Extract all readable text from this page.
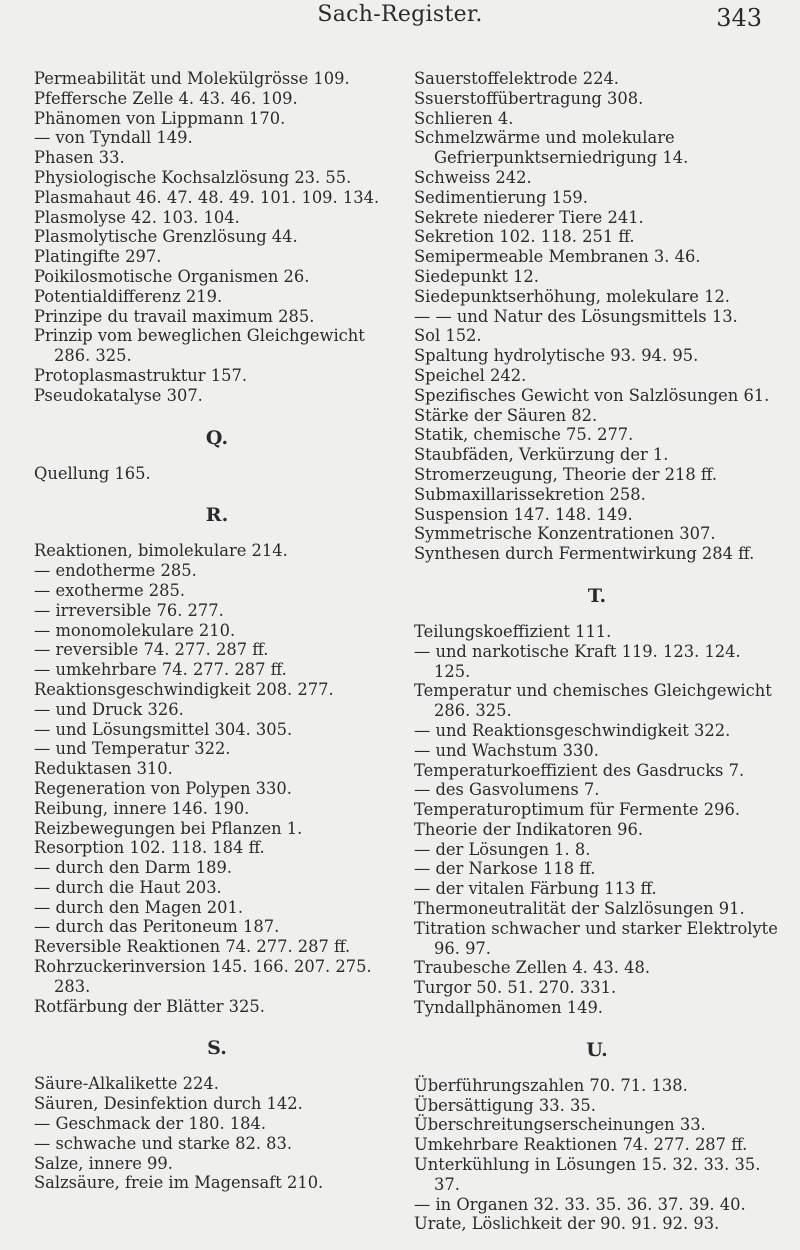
Sach-Register.	343
Permeabilität und Molekülgrösse 109.
Pfeffersche Zelle 4. 43. 46. 109.
Phänomen von Lippmann 170.
— von Tyndall 149.
Phasen 33.
Physiologische Kochsalzlösung 23. 55.
Plasmahaut 46. 47. 48. 49. 101. 109. 134.
Plasmolyse 42. 103. 104.
Plasmolytische Grenzlösung 44.
Platingifte 297.
Poikilosmotische Organismen 26.
Potentialdifferenz 219.
Prinzipe du travail maximum 285.
Prinzip vom beweglichen Gleichgewicht 286. 325.
Protoplasmastruktur 157.
Pseudokatalyse 307.
Q.
Quellung 165.
R.
Reaktionen, bimolekulare 214.
— endotherme 285.
— exotherme 285.
— irreversible 76. 277.
— monomolekulare 210.
— reversible 74. 277. 287 ff.
— umkehrbare 74. 277. 287 ff.
Reaktionsgeschwindigkeit 208. 277.
— und Druck 326.
— und Lösungsmittel 304. 305.
— und Temperatur 322.
Reduktasen 310.
Regeneration von Polypen 330.
Reibung, innere 146. 190.
Reizbewegungen bei Pflanzen 1.
Resorption 102. 118. 184 ff.
— durch den Darm 189.
— durch die Haut 203.
— durch den Magen 201.
— durch das Peritoneum 187.
Reversible Reaktionen 74. 277. 287 ff.
Rohrzuckerinversion 145. 166. 207. 275. 283.
Rotfärbung der Blätter 325.
S.
Säure-Alkalikette 224.
Säuren, Desinfektion durch 142.
— Geschmack der 180. 184.
— schwache und starke 82. 83.
Salze, innere 99.
Salzsäure, freie im Magensaft 210.
Sauerstoffelektrode 224.
Ssuerstoffübertragung 308.
Schlieren 4.
Schmelzwärme und molekulare Gefrierpunktserniedrigung 14.
Schweiss 242.
Sedimentierung 159.
Sekrete niederer Tiere 241.
Sekretion 102. 118. 251 ff.
Semipermeable Membranen 3. 46.
Siedepunkt 12.
Siedepunktserhöhung, molekulare 12.
— — und Natur des Lösungsmittels 13.
Sol 152.
Spaltung hydrolytische 93. 94. 95.
Speichel 242.
Spezifisches Gewicht von Salzlösungen 61.
Stärke der Säuren 82.
Statik, chemische 75. 277.
Staubfäden, Verkürzung der 1.
Stromerzeugung, Theorie der 218 ff.
Submaxillarissekretion 258.
Suspension 147. 148. 149.
Symmetrische Konzentrationen 307.
Synthesen durch Fermentwirkung 284 ff.
T.
Teilungskoeffizient 111.
— und narkotische Kraft 119. 123. 124. 125.
Temperatur und chemisches Gleichgewicht 286. 325.
— und Reaktionsgeschwindigkeit 322.
— und Wachstum 330.
Temperaturkoeffizient des Gasdrucks 7.
— des Gasvolumens 7.
Temperaturoptimum für Fermente 296.
Theorie der Indikatoren 96.
— der Lösungen 1. 8.
— der Narkose 118 ff.
— der vitalen Färbung 113 ff.
Thermoneutralität der Salzlösungen 91.
Titration schwacher und starker Elektrolyte 96. 97.
Traubesche Zellen 4. 43. 48.
Turgor 50. 51. 270. 331.
Tyndallphänomen 149.
U.
Überführungszahlen 70. 71. 138.
Übersättigung 33. 35.
Überschreitungserscheinungen 33.
Umkehrbare Reaktionen 74. 277. 287 ff.
Unterkühlung in Lösungen 15. 32. 33. 35. 37.
— in Organen 32. 33. 35. 36. 37. 39. 40.
Urate, Löslichkeit der 90. 91. 92. 93.
